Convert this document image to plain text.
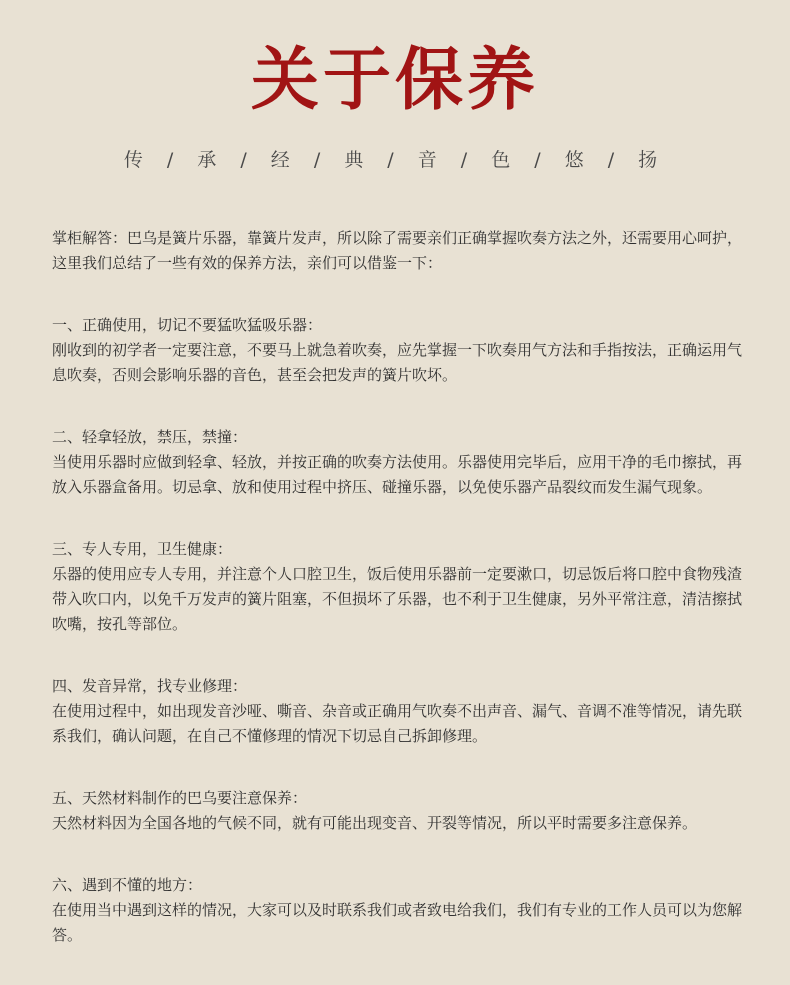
关于保养
传 / 承 / 经 / 典 / 音 / 色 / 悠 / 扬

掌柜解答：巴乌是簧片乐器，靠簧片发声，所以除了需要亲们正确掌握吹奏方法之外，还需要用心呵护，这里我们总结了一些有效的保养方法，亲们可以借鉴一下：

一、正确使用，切记不要猛吹猛吸乐器：
刚收到的初学者一定要注意，不要马上就急着吹奏，应先掌握一下吹奏用气方法和手指按法，正确运用气息吹奏，否则会影响乐器的音色，甚至会把发声的簧片吹坏。
二、轻拿轻放，禁压，禁撞：
当使用乐器时应做到轻拿、轻放，并按正确的吹奏方法使用。乐器使用完毕后，应用干净的毛巾擦拭，再放入乐器盒备用。切忌拿、放和使用过程中挤压、碰撞乐器，以免使乐器产品裂纹而发生漏气现象。
三、专人专用，卫生健康：
乐器的使用应专人专用，并注意个人口腔卫生，饭后使用乐器前一定要漱口，切忌饭后将口腔中食物残渣带入吹口内，以免千万发声的簧片阻塞，不但损坏了乐器，也不利于卫生健康，另外平常注意，清洁擦拭吹嘴，按孔等部位。
四、发音异常，找专业修理：
在使用过程中，如出现发音沙哑、嘶音、杂音或正确用气吹奏不出声音、漏气、音调不准等情况，请先联系我们，确认问题，在自己不懂修理的情况下切忌自己拆卸修理。
五、天然材料制作的巴乌要注意保养：
天然材料因为全国各地的气候不同，就有可能出现变音、开裂等情况，所以平时需要多注意保养。
六、遇到不懂的地方：
在使用当中遇到这样的情况，大家可以及时联系我们或者致电给我们，我们有专业的工作人员可以为您解答。
